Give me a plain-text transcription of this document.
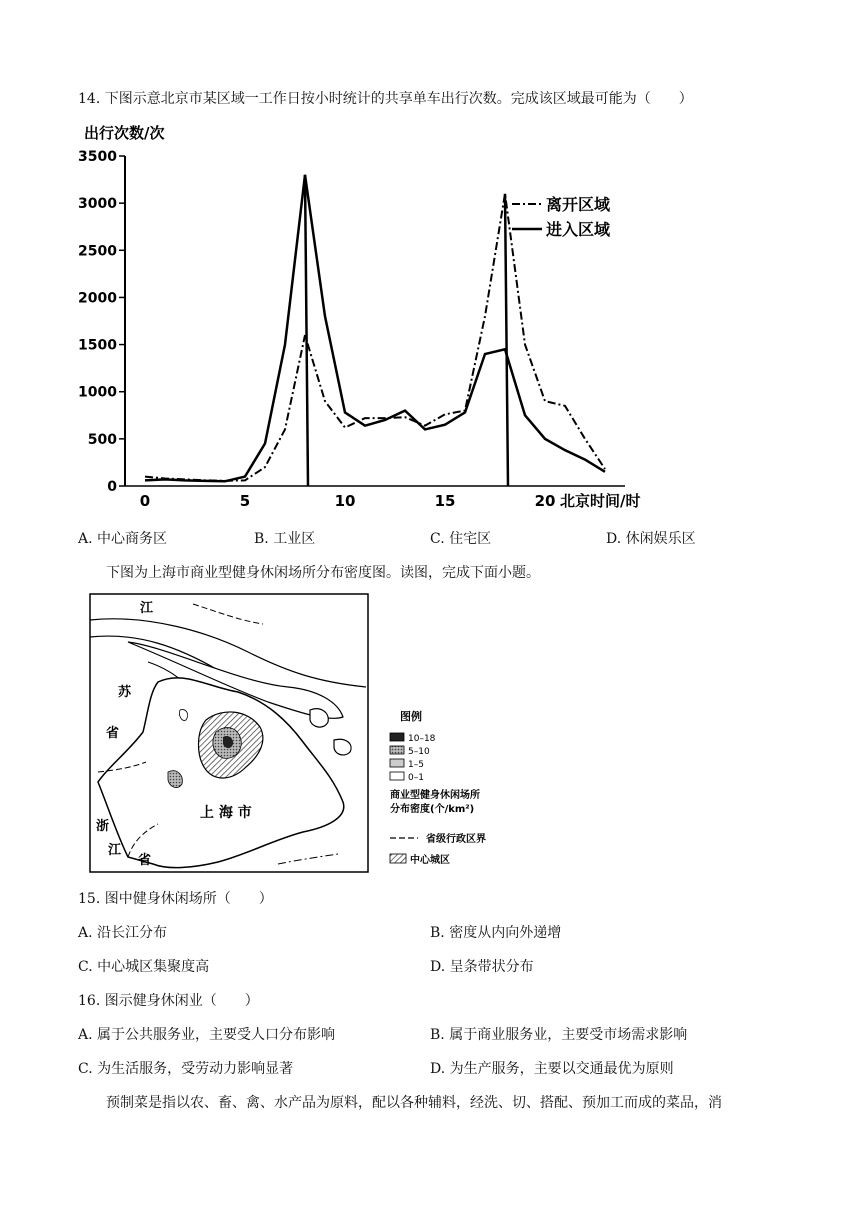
14. 下图示意北京市某区域一工作日按小时统计的共享单车出行次数。完成该区域最可能为（　　）
出行次数/次
0
500
1000
1500
2000
2500
3000
3500
0	5	10	15	20 北京时间/时
离开区域
进入区域
A. 中心商务区	B. 工业区	C. 住宅区	D. 休闲娱乐区
下图为上海市商业型健身休闲场所分布密度图。读图，完成下面小题。
江
苏
省
上 海 市
浙
江
省
图例
10–18
5–10
1–5
0–1
商业型健身休闲场所
分布密度(个/km²)
省级行政区界
中心城区
15. 图中健身休闲场所（　　）
A. 沿长江分布	B. 密度从内向外递增
C. 中心城区集聚度高	D. 呈条带状分布
16. 图示健身休闲业（　　）
A. 属于公共服务业，主要受人口分布影响	B. 属于商业服务业，主要受市场需求影响
C. 为生活服务，受劳动力影响显著	D. 为生产服务，主要以交通最优为原则
预制菜是指以农、畜、禽、水产品为原料，配以各种辅料，经洗、切、搭配、预加工而成的菜品，消
